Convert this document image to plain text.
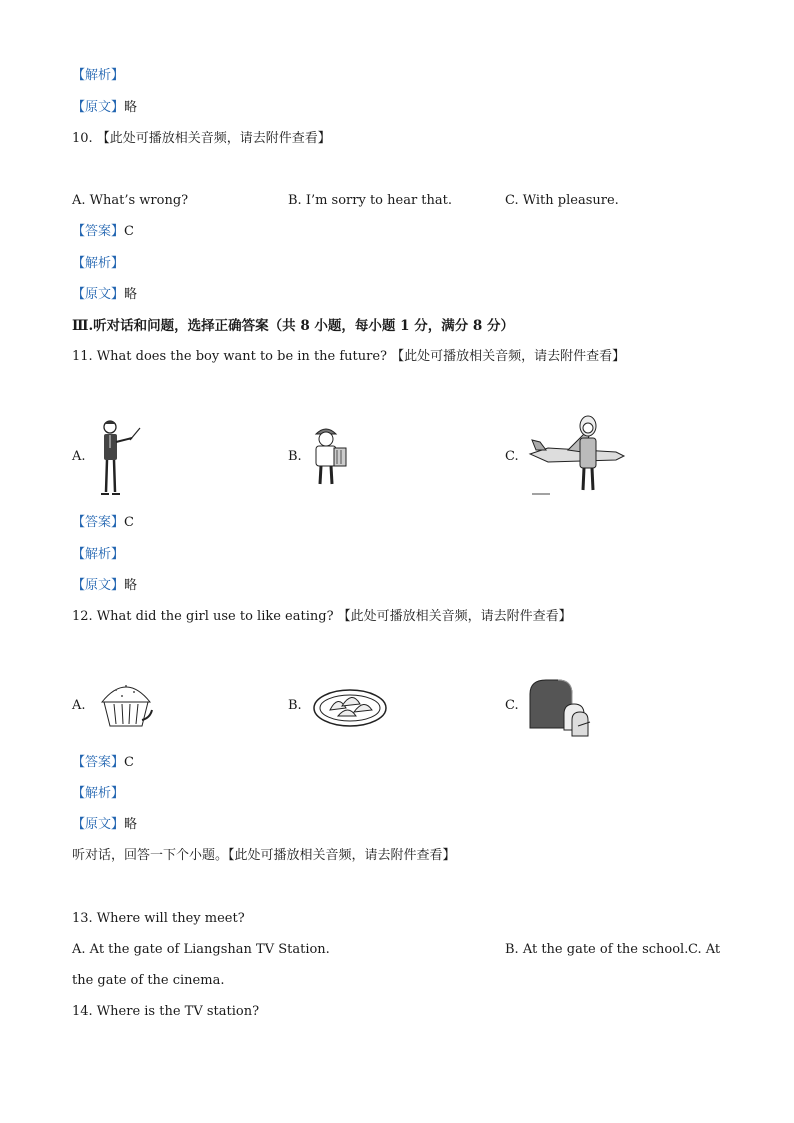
【解析】
【原文】略
10. 【此处可播放相关音频，请去附件查看】
A. What’s wrong?	B. I’m sorry to hear that.	C. With pleasure.
【答案】C
【解析】
【原文】略
Ⅲ.听对话和问题，选择正确答案（共 8 小题，每小题 1 分，满分 8 分）
11. What does the boy want to be in the future? 【此处可播放相关音频，请去附件查看】
A.	B.	C.
【答案】C
【解析】
【原文】略
12. What did the girl use to like eating? 【此处可播放相关音频，请去附件查看】
A.	B.	C.
【答案】C
【解析】
【原文】略
听对话，回答一下个小题。【此处可播放相关音频，请去附件查看】
13. Where will they meet?
A. At the gate of Liangshan TV Station.	B. At the gate of the school. C. At
the gate of the cinema.
14. Where is the TV station?
